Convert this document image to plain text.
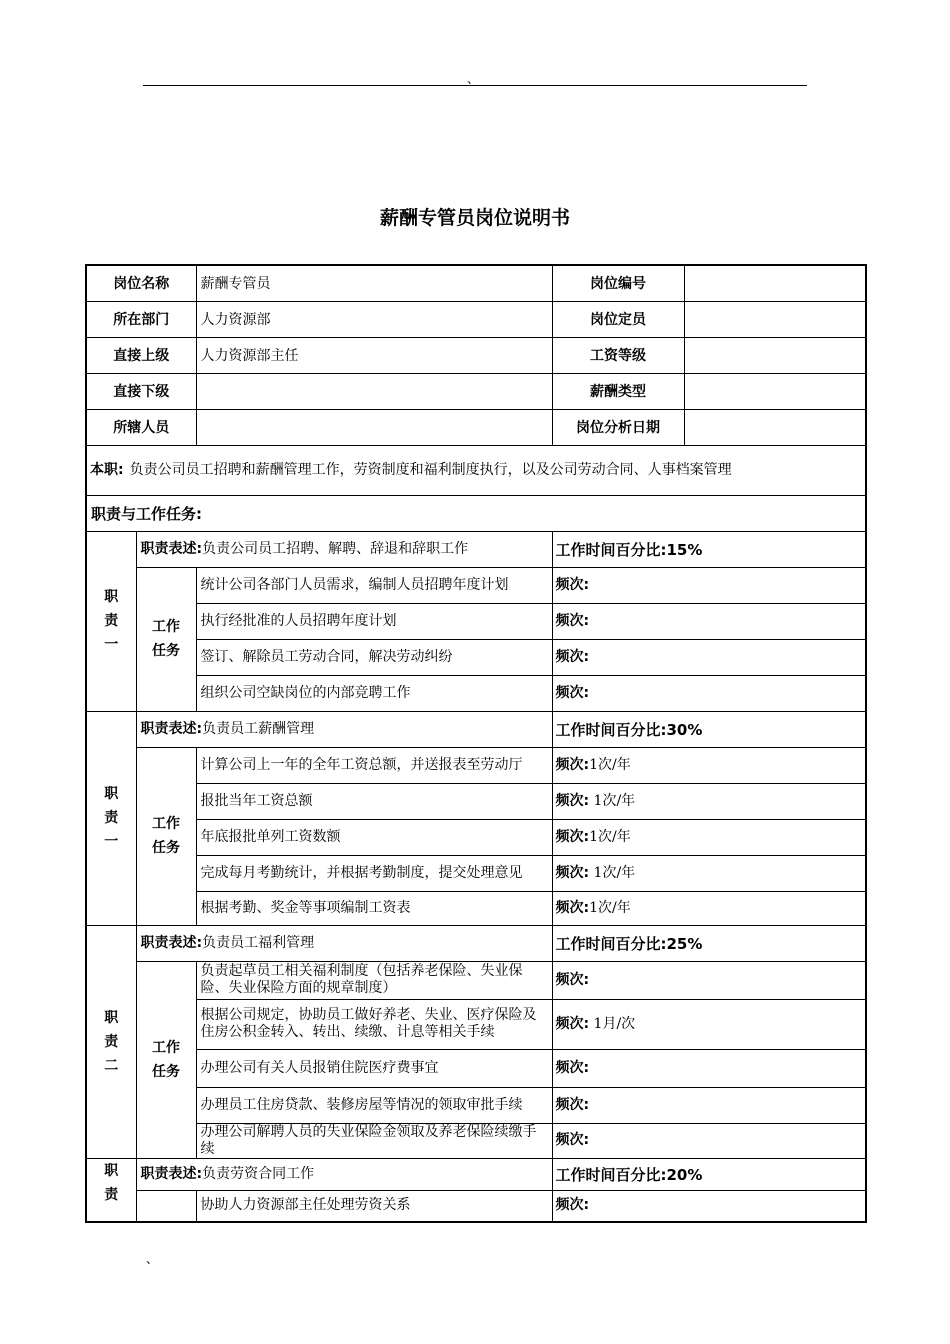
、
薪酬专管员岗位说明书
岗位名称		薪酬专管员	岗位编号	
所在部门		人力资源部	岗位定员	
直接上级		人力资源部主任	工资等级	
直接下级			薪酬类型	
所辖人员			岗位分析日期	
本职: 负责公司员工招聘和薪酬管理工作，劳资制度和福利制度执行，以及公司劳动合同、人事档案管理				
职责与工作任务:				

职
责
一	职责表述:负责公司员工招聘、解聘、辞退和辞职工作		工作时间百分比:15%	

	工作
任务	统计公司各部门人员需求，编制人员招聘年度计划	频次:	
		执行经批准的人员招聘年度计划	频次:	
		签订、解除员工劳动合同，解决劳动纠纷	频次:	
		组织公司空缺岗位的内部竞聘工作	频次:	

职
责
一	职责表述:负责员工薪酬管理		工作时间百分比:30%	

	工作
任务	计算公司上一年的全年工资总额，并送报表至劳动厅	频次:1次/年	
		报批当年工资总额	频次: 1次/年	
		年底报批单列工资数额	频次:1次/年	
		完成每月考勤统计，并根据考勤制度，提交处理意见	频次: 1次/年	
		根据考勤、奖金等事项编制工资表	频次:1次/年	

职
责
二	职责表述:负责员工福利管理		工作时间百分比:25%	

	工作
任务	负责起草员工相关福利制度（包括养老保险、失业保险、失业保险方面的规章制度）	频次:	
		根据公司规定，协助员工做好养老、失业、医疗保险及住房公积金转入、转出、续缴、计息等相关手续	频次: 1月/次	
		办理公司有关人员报销住院医疗费事宜	频次:	
		办理员工住房贷款、装修房屋等情况的领取审批手续	频次:	
		办理公司解聘人员的失业保险金领取及养老保险续缴手续	频次:	

职
责	职责表述:负责劳资合同工作		工作时间百分比:20%	
		协助人力资源部主任处理劳资关系	频次:	
、
